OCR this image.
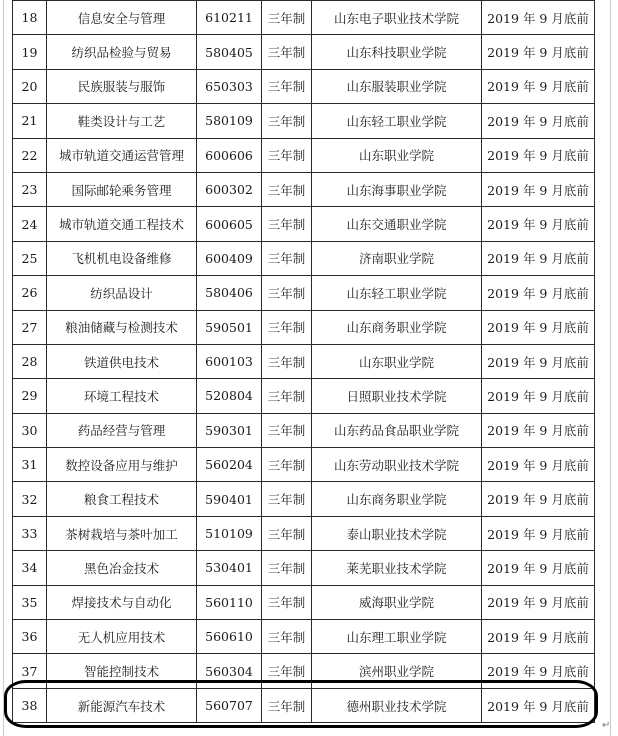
18	信息安全与管理	610211	三年制	山东电子职业技术学院	2019 年 9 月底前
19	纺织品检验与贸易	580405	三年制	山东科技职业学院	2019 年 9 月底前
20	民族服装与服饰	650303	三年制	山东服装职业学院	2019 年 9 月底前
21	鞋类设计与工艺	580109	三年制	山东轻工职业学院	2019 年 9 月底前
22	城市轨道交通运营管理	600606	三年制	山东职业学院	2019 年 9 月底前
23	国际邮轮乘务管理	600302	三年制	山东海事职业学院	2019 年 9 月底前
24	城市轨道交通工程技术	600605	三年制	山东交通职业学院	2019 年 9 月底前
25	飞机机电设备维修	600409	三年制	济南职业学院	2019 年 9 月底前
26	纺织品设计	580406	三年制	山东轻工职业学院	2019 年 9 月底前
27	粮油储藏与检测技术	590501	三年制	山东商务职业学院	2019 年 9 月底前
28	铁道供电技术	600103	三年制	山东职业学院	2019 年 9 月底前
29	环境工程技术	520804	三年制	日照职业技术学院	2019 年 9 月底前
30	药品经营与管理	590301	三年制	山东药品食品职业学院	2019 年 9 月底前
31	数控设备应用与维护	560204	三年制	山东劳动职业技术学院	2019 年 9 月底前
32	粮食工程技术	590401	三年制	山东商务职业学院	2019 年 9 月底前
33	茶树栽培与茶叶加工	510109	三年制	泰山职业技术学院	2019 年 9 月底前
34	黑色冶金技术	530401	三年制	莱芜职业技术学院	2019 年 9 月底前
35	焊接技术与自动化	560110	三年制	威海职业学院	2019 年 9 月底前
36	无人机应用技术	560610	三年制	山东理工职业学院	2019 年 9 月底前
37	智能控制技术	560304	三年制	滨州职业学院	2019 年 9 月底前
38	新能源汽车技术	560707	三年制	德州职业技术学院	2019 年 9 月底前
↵
